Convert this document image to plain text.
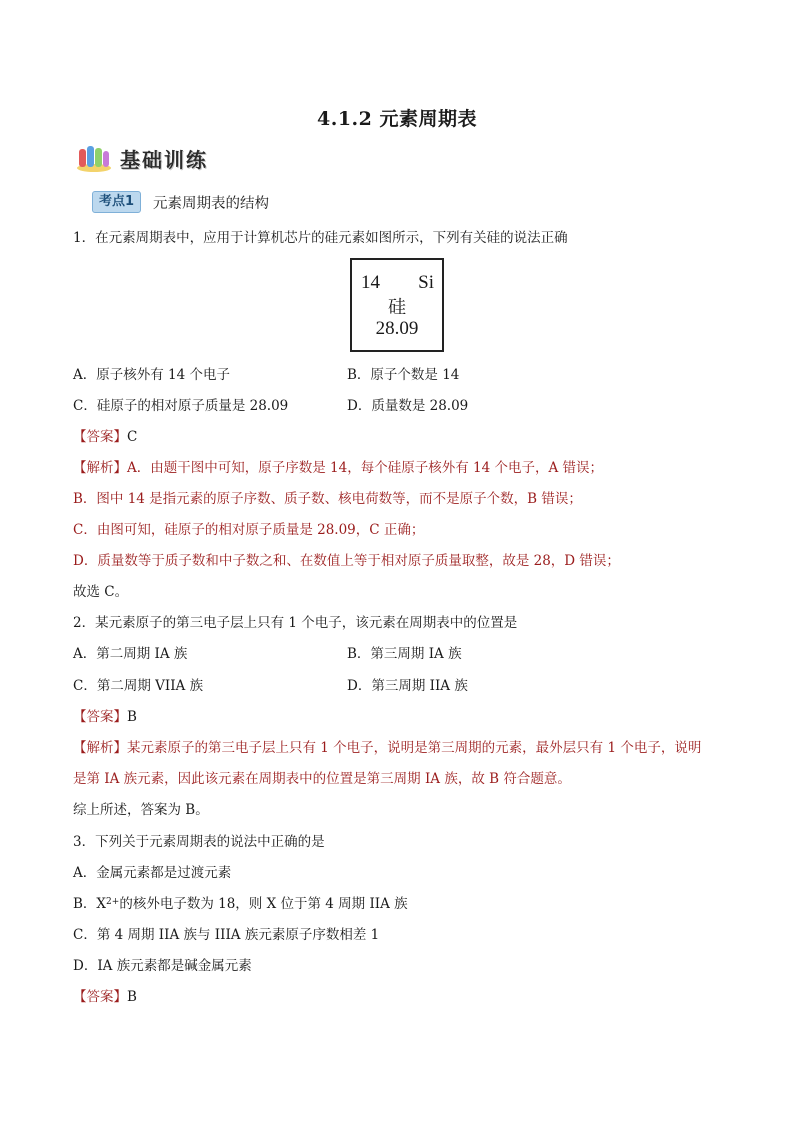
4.1.2 元素周期表
基础训练
考点1	元素周期表的结构
1．在元素周期表中，应用于计算机芯片的硅元素如图所示，下列有关硅的说法正确
14 Si
硅
28.09
A．原子核外有 14 个电子	B．原子个数是 14
C．硅原子的相对原子质量是 28.09	D．质量数是 28.09
【答案】C
【解析】A．由题干图中可知，原子序数是 14，每个硅原子核外有 14 个电子，A 错误；
B．图中 14 是指元素的原子序数、质子数、核电荷数等，而不是原子个数，B 错误；
C．由图可知，硅原子的相对原子质量是 28.09，C 正确；
D．质量数等于质子数和中子数之和、在数值上等于相对原子质量取整，故是 28，D 错误；
故选 C。
2．某元素原子的第三电子层上只有 1 个电子，该元素在周期表中的位置是
A．第二周期 IA 族	B．第三周期 IA 族
C．第二周期 VIIA 族	D．第三周期 IIA 族
【答案】B
【解析】某元素原子的第三电子层上只有 1 个电子，说明是第三周期的元素，最外层只有 1 个电子，说明
是第 IA 族元素，因此该元素在周期表中的位置是第三周期 IA 族，故 B 符合题意。
综上所述，答案为 B。
3．下列关于元素周期表的说法中正确的是
A．金属元素都是过渡元素
B．$X^{2+}$的核外电子数为 18，则 X 位于第 4 周期 IIA 族
C．第 4 周期 IIA 族与 IIIA 族元素原子序数相差 1
D．IA 族元素都是碱金属元素
【答案】B
